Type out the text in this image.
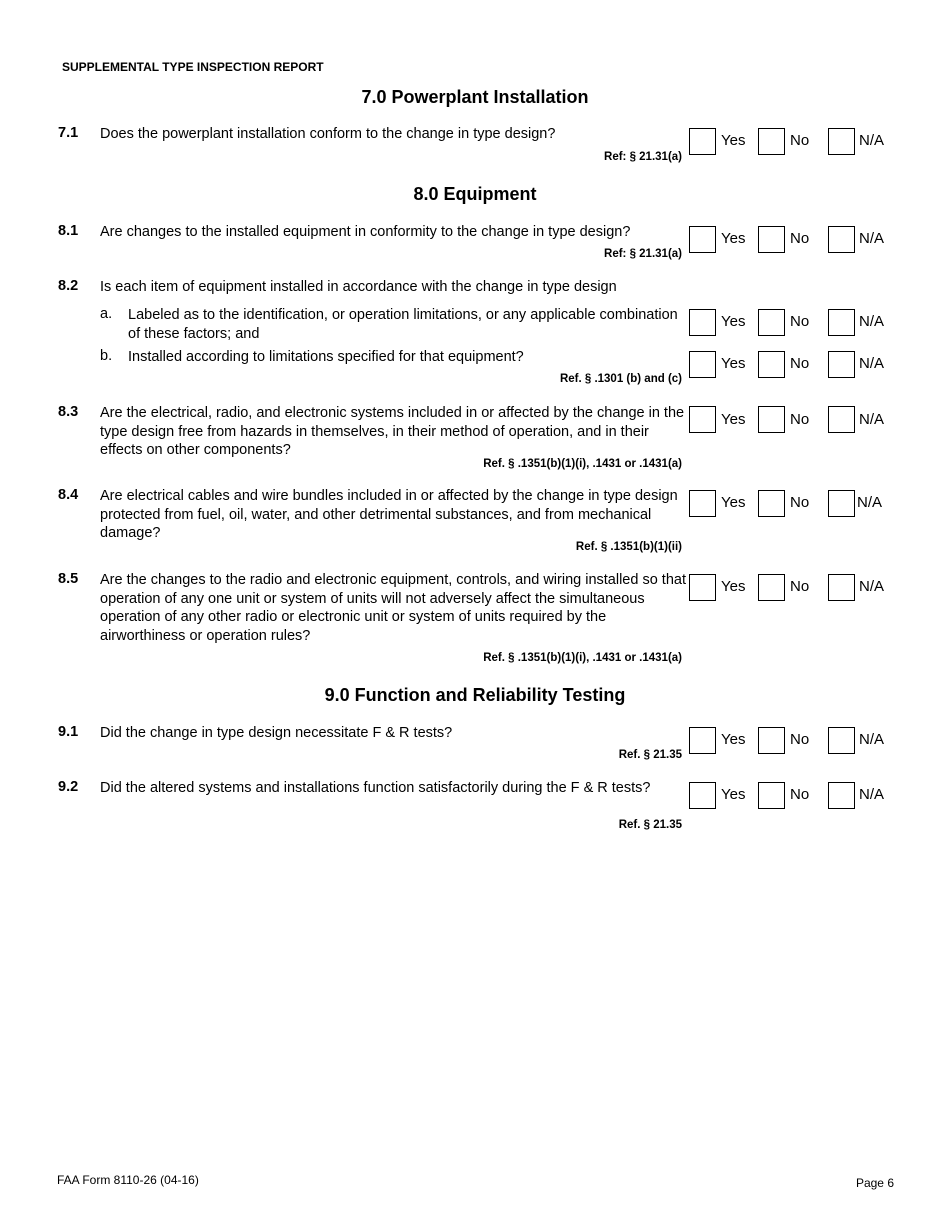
SUPPLEMENTAL TYPE INSPECTION REPORT
7.0 Powerplant Installation
7.1 Does the powerplant installation conform to the change in type design?
Ref: § 21.31(a)
Yes	No	N/A
8.0 Equipment
8.1 Are changes to the installed equipment in conformity to the change in type design?
Ref: § 21.31(a)
Yes	No	N/A
8.2 Is each item of equipment installed in accordance with the change in type design
a. Labeled as to the identification, or operation limitations, or any applicable combination of these factors; and
Yes	No	N/A
b. Installed according to limitations specified for that equipment?
Ref. § .1301 (b) and (c)
Yes	No	N/A
8.3 Are the electrical, radio, and electronic systems included in or affected by the change in the type design free from hazards in themselves, in their method of operation, and in their effects on other components?
Ref. § .1351(b)(1)(i), .1431 or .1431(a)
Yes	No	N/A
8.4 Are electrical cables and wire bundles included in or affected by the change in type design protected from fuel, oil, water, and other detrimental substances, and from mechanical damage?
Ref. § .1351(b)(1)(ii)
Yes	No	N/A
8.5 Are the changes to the radio and electronic equipment, controls, and wiring installed so that operation of any one unit or system of units will not adversely affect the simultaneous operation of any other radio or electronic unit or system of units required by the airworthiness or operation rules?
Ref. § .1351(b)(1)(i), .1431 or .1431(a)
Yes	No	N/A
9.0 Function and Reliability Testing
9.1 Did the change in type design necessitate F & R tests?
Ref. § 21.35
Yes	No	N/A
9.2 Did the altered systems and installations function satisfactorily during the F & R tests?
Ref. § 21.35
Yes	No	N/A
FAA Form 8110-26 (04-16)	Page 6
